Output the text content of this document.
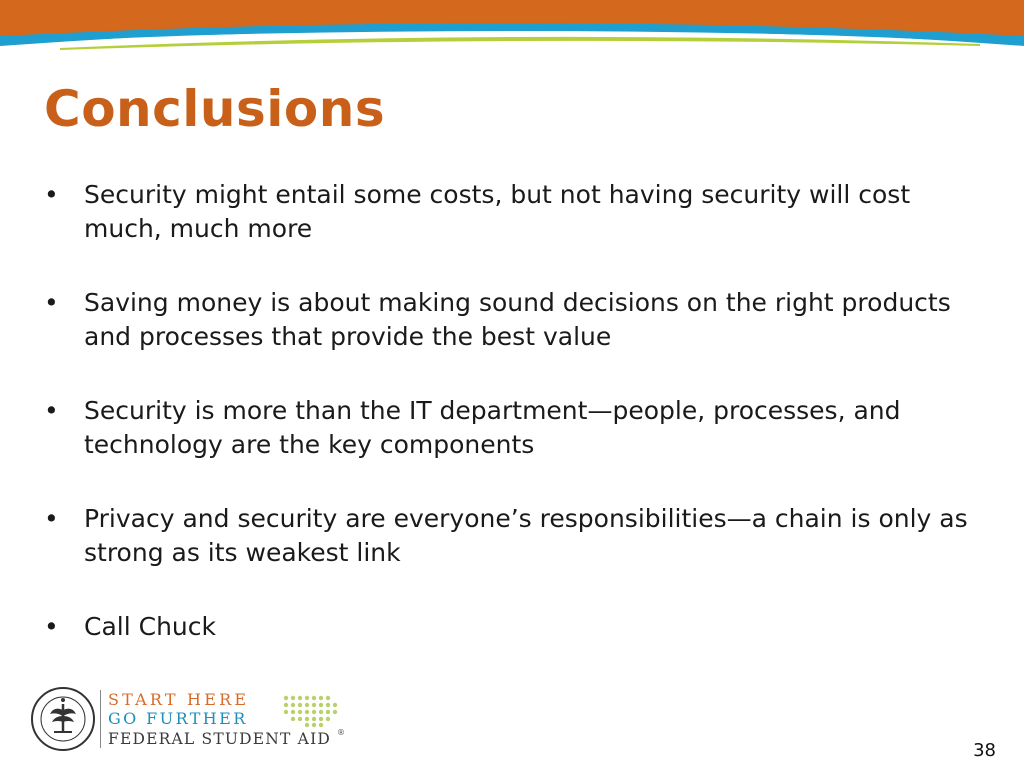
Conclusions
•	Security might entail some costs, but not having security will cost much, much more
•	Saving money is about making sound decisions on the right products and processes that provide the best value
•	Security is more than the IT department—people, processes, and technology are the key components
•	Privacy and security are everyone’s responsibilities—a chain is only as strong as its weakest link
•	Call Chuck
START HERE
GO FURTHER
FEDERAL STUDENT AID ®
38
